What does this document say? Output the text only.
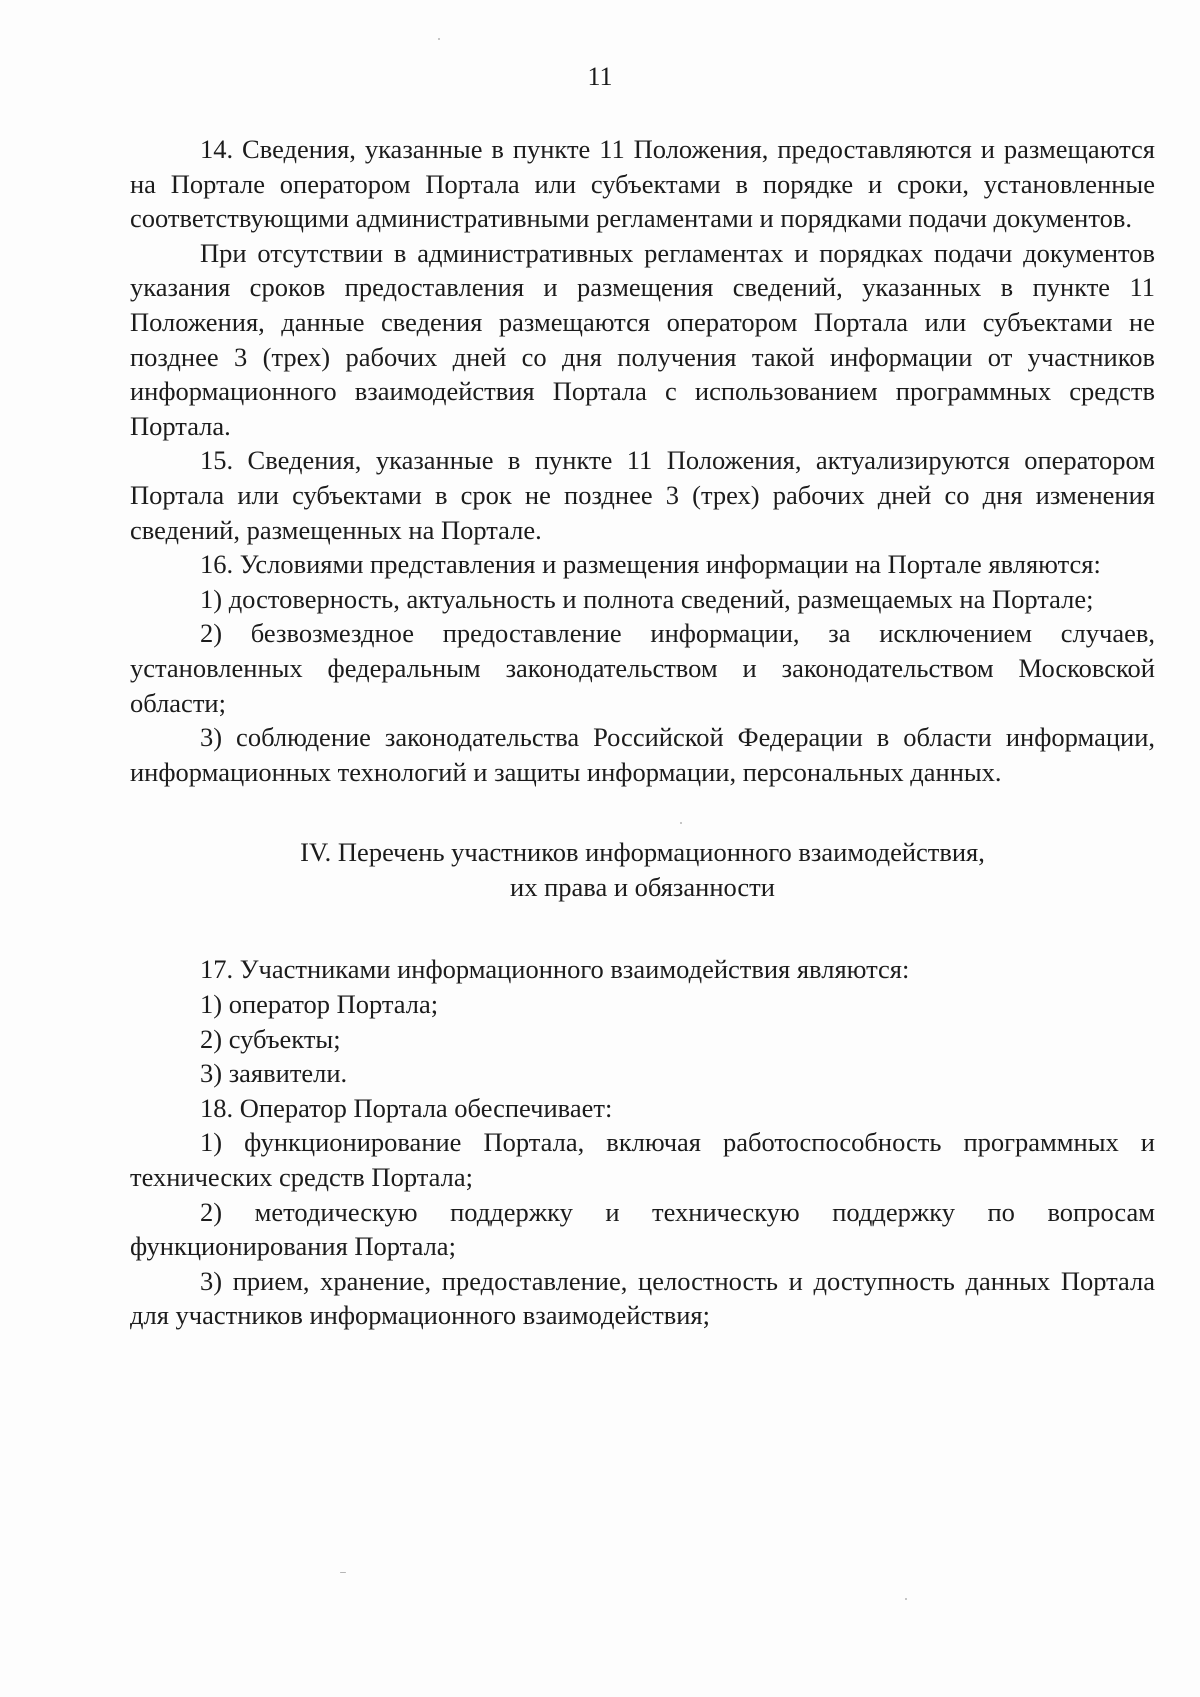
11

14. Сведения, указанные в пункте 11 Положения, предоставляются и размещаются на Портале оператором Портала или субъектами в порядке и сроки, установленные соответствующими административными регламентами и порядками подачи документов.

При отсутствии в административных регламентах и порядках подачи документов указания сроков предоставления и размещения сведений, указанных в пункте 11 Положения, данные сведения размещаются оператором Портала или субъектами не позднее 3 (трех) рабочих дней со дня получения такой информации от участников информационного взаимодействия Портала с использованием программных средств Портала.

15. Сведения, указанные в пункте 11 Положения, актуализируются оператором Портала или субъектами в срок не позднее 3 (трех) рабочих дней со дня изменения сведений, размещенных на Портале.

16. Условиями представления и размещения информации на Портале являются:

1) достоверность, актуальность и полнота сведений, размещаемых на Портале;

2) безвозмездное предоставление информации, за исключением случаев, установленных федеральным законодательством и законодательством Московской области;

3) соблюдение законодательства Российской Федерации в области информации, информационных технологий и защиты информации, персональных данных.

IV. Перечень участников информационного взаимодействия,
их права и обязанности

17. Участниками информационного взаимодействия являются:

1) оператор Портала;

2) субъекты;

3) заявители.

18. Оператор Портала обеспечивает:

1) функционирование Портала, включая работоспособность программных и технических средств Портала;

2) методическую поддержку и техническую поддержку по вопросам функционирования Портала;

3) прием, хранение, предоставление, целостность и доступность данных Портала для участников информационного взаимодействия;
